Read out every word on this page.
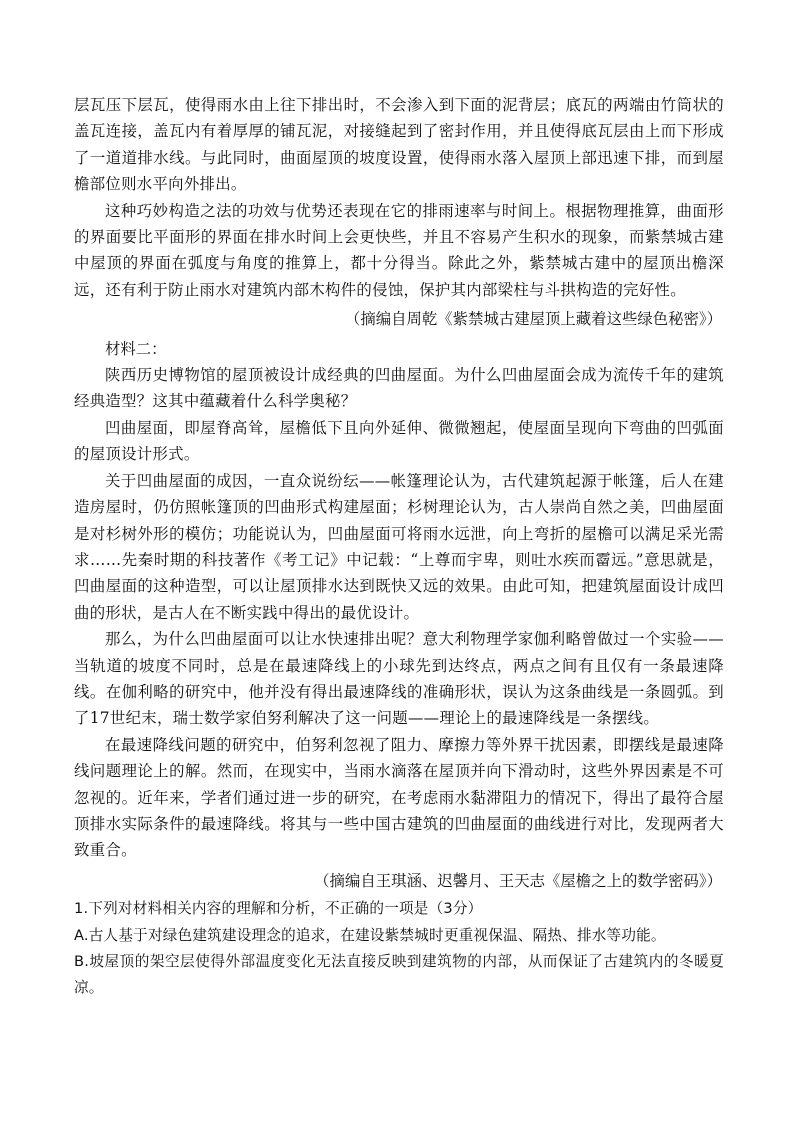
层瓦压下层瓦，使得雨水由上往下排出时，不会渗入到下面的泥背层；底瓦的两端由竹筒状的盖瓦连接，盖瓦内有着厚厚的铺瓦泥，对接缝起到了密封作用，并且使得底瓦层由上而下形成了一道道排水线。与此同时，曲面屋顶的坡度设置，使得雨水落入屋顶上部迅速下排，而到屋檐部位则水平向外排出。

这种巧妙构造之法的功效与优势还表现在它的排雨速率与时间上。根据物理推算，曲面形的界面要比平面形的界面在排水时间上会更快些，并且不容易产生积水的现象，而紫禁城古建中屋顶的界面在弧度与角度的推算上，都十分得当。除此之外，紫禁城古建中的屋顶出檐深远，还有利于防止雨水对建筑内部木构件的侵蚀，保护其内部梁柱与斗拱构造的完好性。

（摘编自周乾《紫禁城古建屋顶上藏着这些绿色秘密》）

材料二：

陕西历史博物馆的屋顶被设计成经典的凹曲屋面。为什么凹曲屋面会成为流传千年的建筑经典造型？这其中蕴藏着什么科学奥秘？

凹曲屋面，即屋脊高耸，屋檐低下且向外延伸、微微翘起，使屋面呈现向下弯曲的凹弧面的屋顶设计形式。

关于凹曲屋面的成因，一直众说纷纭——帐篷理论认为，古代建筑起源于帐篷，后人在建造房屋时，仍仿照帐篷顶的凹曲形式构建屋面；杉树理论认为，古人崇尚自然之美，凹曲屋面是对杉树外形的模仿；功能说认为，凹曲屋面可将雨水远泄，向上弯折的屋檐可以满足采光需求……先秦时期的科技著作《考工记》中记载：“上尊而宇卑，则吐水疾而霤远。”意思就是，凹曲屋面的这种造型，可以让屋顶排水达到既快又远的效果。由此可知，把建筑屋面设计成凹曲的形状，是古人在不断实践中得出的最优设计。

那么，为什么凹曲屋面可以让水快速排出呢？意大利物理学家伽利略曾做过一个实验——当轨道的坡度不同时，总是在最速降线上的小球先到达终点，两点之间有且仅有一条最速降线。在伽利略的研究中，他并没有得出最速降线的准确形状，误认为这条曲线是一条圆弧。到了17世纪末，瑞士数学家伯努利解决了这一问题——理论上的最速降线是一条摆线。

在最速降线问题的研究中，伯努利忽视了阻力、摩擦力等外界干扰因素，即摆线是最速降线问题理论上的解。然而，在现实中，当雨水滴落在屋顶并向下滑动时，这些外界因素是不可忽视的。近年来，学者们通过进一步的研究，在考虑雨水黏滞阻力的情况下，得出了最符合屋顶排水实际条件的最速降线。将其与一些中国古建筑的凹曲屋面的曲线进行对比，发现两者大致重合。

（摘编自王琪涵、迟馨月、王天志《屋檐之上的数学密码》）

1.下列对材料相关内容的理解和分析，不正确的一项是（3分）

A.古人基于对绿色建筑建设理念的追求，在建设紫禁城时更重视保温、隔热、排水等功能。

B.坡屋顶的架空层使得外部温度变化无法直接反映到建筑物的内部，从而保证了古建筑内的冬暖夏凉。
